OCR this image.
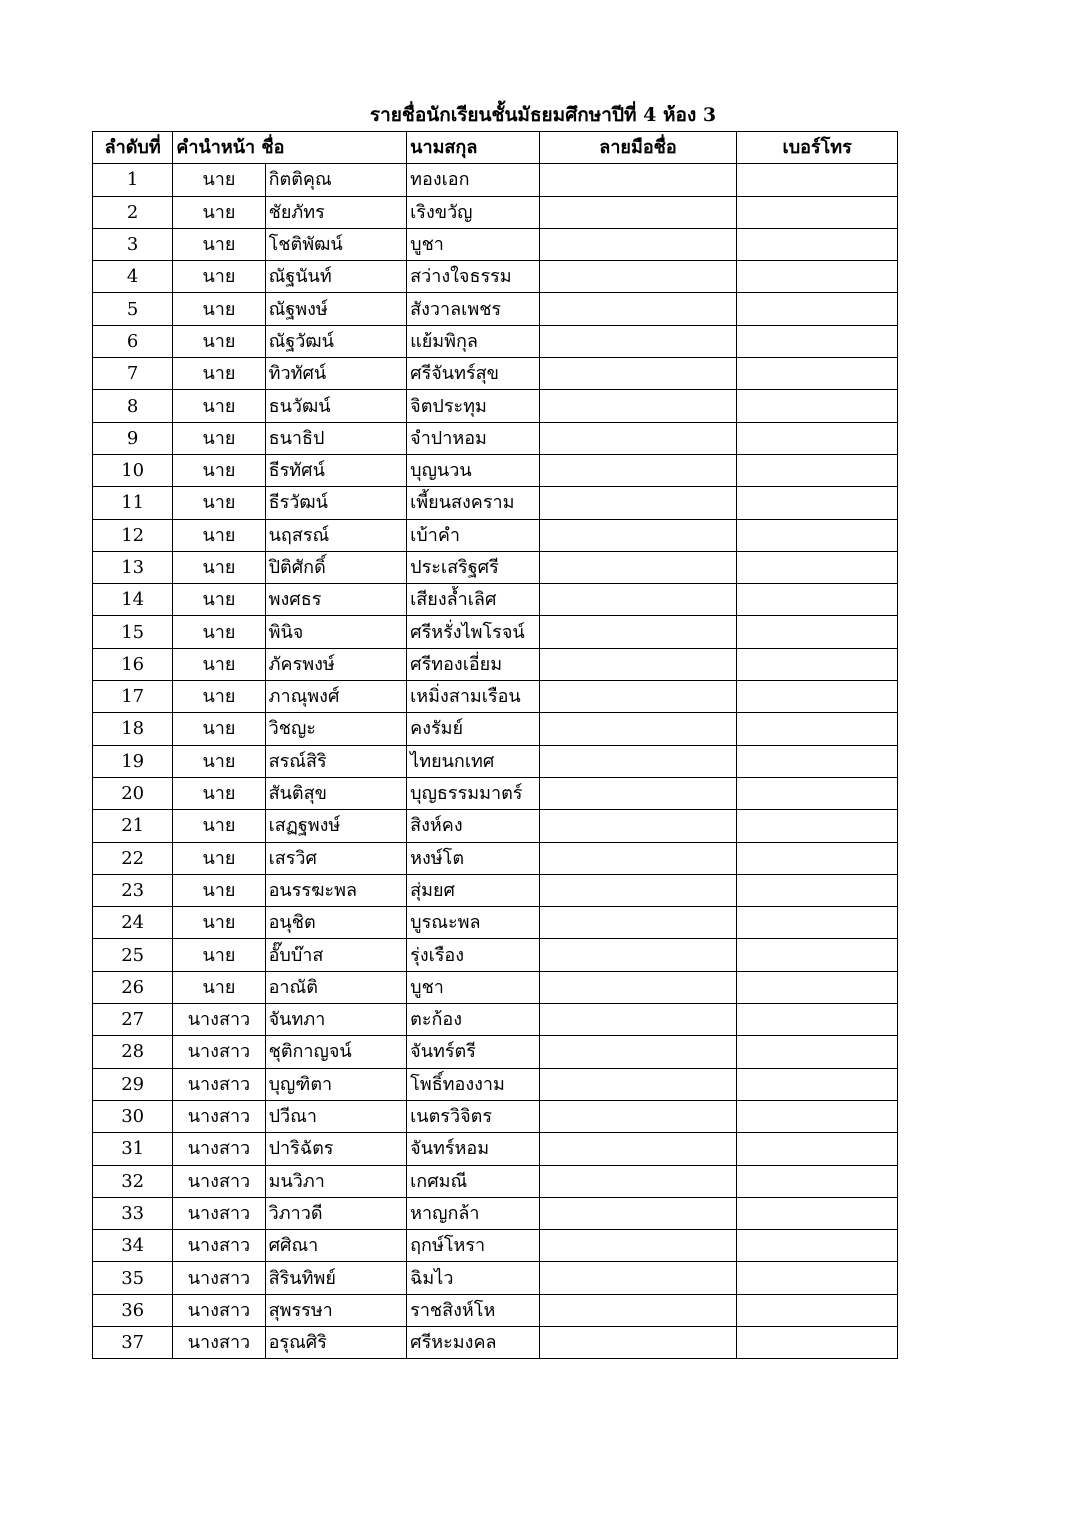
รายชื่อนักเรียนชั้นมัธยมศึกษาปีที่ 4 ห้อง 3
ลำดับที่	คำนำหน้า ชื่อ		นามสกุล	ลายมือชื่อ	เบอร์โทร
1	นาย	กิตติคุณ	ทองเอก		
2	นาย	ชัยภัทร	เริงขวัญ		
3	นาย	โชติพัฒน์	บูชา		
4	นาย	ณัฐนันท์	สว่างใจธรรม		
5	นาย	ณัฐพงษ์	สังวาลเพชร		
6	นาย	ณัฐวัฒน์	แย้มพิกุล		
7	นาย	ทิวทัศน์	ศรีจันทร์สุข		
8	นาย	ธนวัฒน์	จิตประทุม		
9	นาย	ธนาธิป	จำปาหอม		
10	นาย	ธีรทัศน์	บุญนวน		
11	นาย	ธีรวัฒน์	เพี้ยนสงคราม		
12	นาย	นฤสรณ์	เบ้าคำ		
13	นาย	ปิติศักดิ์	ประเสริฐศรี		
14	นาย	พงศธร	เสียงล้ำเลิศ		
15	นาย	พินิจ	ศรีหรั่งไพโรจน์		
16	นาย	ภัครพงษ์	ศรีทองเอี่ยม		
17	นาย	ภาณุพงศ์	เหมิ่งสามเรือน		
18	นาย	วิชญะ	คงรัมย์		
19	นาย	สรณ์สิริ	ไทยนกเทศ		
20	นาย	สันติสุข	บุญธรรมมาตร์		
21	นาย	เสฏฐพงษ์	สิงห์คง		
22	นาย	เสรวิศ	หงษ์โต		
23	นาย	อนรรฆะพล	สุ่มยศ		
24	นาย	อนุชิต	บูรณะพล		
25	นาย	อั๊บบ๊าส	รุ่งเรือง		
26	นาย	อาณัติ	บูชา		
27	นางสาว	จันทภา	ตะก้อง		
28	นางสาว	ชุติกาญจน์	จันทร์ตรี		
29	นางสาว	บุญฑิตา	โพธิ์ทองงาม		
30	นางสาว	ปวีณา	เนตรวิจิตร		
31	นางสาว	ปาริฉัตร	จันทร์หอม		
32	นางสาว	มนวิภา	เกศมณี		
33	นางสาว	วิภาวดี	หาญกล้า		
34	นางสาว	ศศิณา	ฤกษ์โหรา		
35	นางสาว	สิรินทิพย์	ฉิมไว		
36	นางสาว	สุพรรษา	ราชสิงห์โห		
37	นางสาว	อรุณศิริ	ศรีหะมงคล		
